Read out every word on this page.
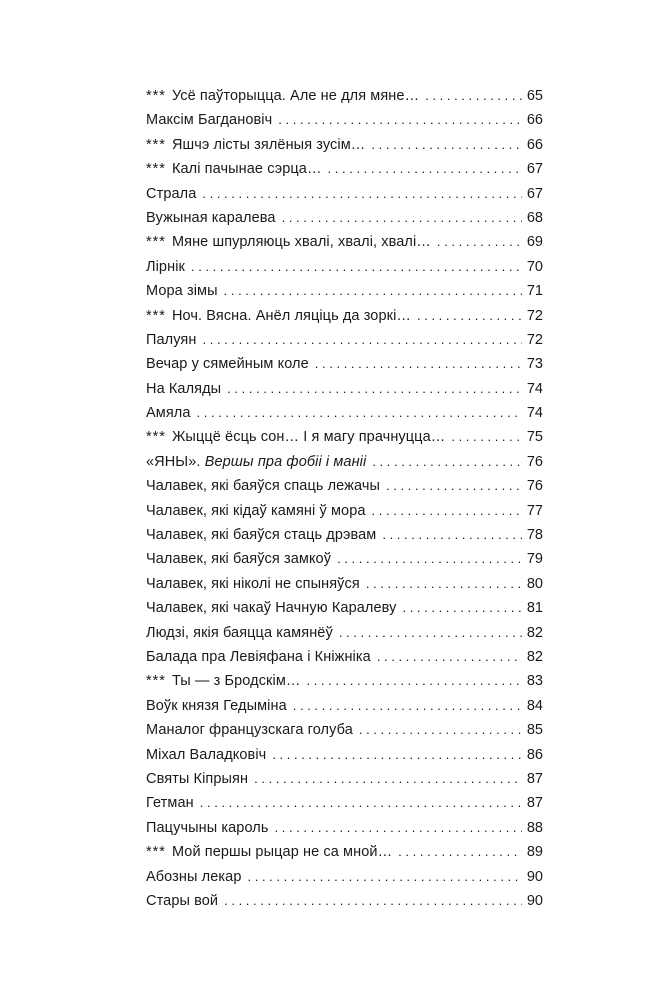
*** Усё паўторыцца. Але не для мяне… . . .	65
Максім Багдановіч . . .	66
*** Яшчэ лісты зялёныя зусім… . . .	66
*** Калі пачынае сэрца… . . .	67
Страла . . .	67
Вужыная каралева . . .	68
*** Мяне шпурляюць хвалі, хвалі, хвалі… . . .	69
Лірнік . . .	70
Мора зімы . . .	71
*** Ноч. Вясна. Анёл ляціць да зоркі… . . .	72
Палуян . . .	72
Вечар у сямейным коле . . .	73
На Каляды . . .	74
Амяла . . .	74
*** Жыццё ёсць сон… І я магу прачнуцца… . . .	75
«ЯНЫ». Вершы пра фобіі і маніі . . .	76
Чалавек, які баяўся спаць лежачы . . .	76
Чалавек, які кідаў камяні ў мора . . .	77
Чалавек, які баяўся стаць дрэвам . . .	78
Чалавек, які баяўся замкоў . . .	79
Чалавек, які ніколі не спыняўся . . .	80
Чалавек, які чакаў Начную Каралеву . . .	81
Людзі, якія баяцца камянёў . . .	82
Балада пра Левіяфана і Кніжніка . . .	82
*** Ты — з Бродскім… . . .	83
Воўк князя Гедыміна . . .	84
Маналог французскага голуба . . .	85
Міхал Валадковіч . . .	86
Святы Кіпрыян . . .	87
Гетман . . .	87
Пацучыны кароль . . .	88
*** Мой першы рыцар не са мной… . . .	89
Абозны лекар . . .	90
Стары вой . . .	90
